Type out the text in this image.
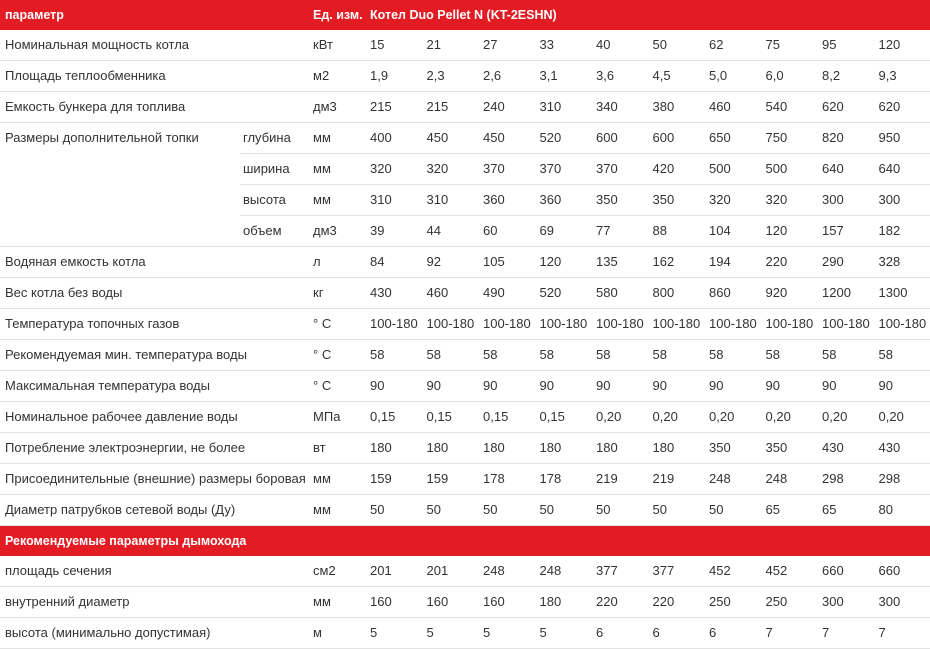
параметр		Ед. изм.	Котел Duo Pellet N (KT-2ESHN)									
Номинальная мощность котла		кВт	15	21	27	33	40	50	62	75	95	120
Площадь теплообменника		м2	1,9	2,3	2,6	3,1	3,6	4,5	5,0	6,0	8,2	9,3
Емкость бункера для топлива		дм3	215	215	240	310	340	380	460	540	620	620
Размеры дополнительной топки	глубина	мм	400	450	450	520	600	600	650	750	820	950
	ширина	мм	320	320	370	370	370	420	500	500	640	640
	высота	мм	310	310	360	360	350	350	320	320	300	300
	объем	дм3	39	44	60	69	77	88	104	120	157	182
Водяная емкость котла		л	84	92	105	120	135	162	194	220	290	328
Вес котла без воды		кг	430	460	490	520	580	800	860	920	1200	1300
Температура топочных газов		° С	100-180	100-180	100-180	100-180	100-180	100-180	100-180	100-180	100-180	100-180
Рекомендуемая мин. температура воды		° С	58	58	58	58	58	58	58	58	58	58
Максимальная температура воды		° С	90	90	90	90	90	90	90	90	90	90
Номинальное рабочее давление воды		МПа	0,15	0,15	0,15	0,15	0,20	0,20	0,20	0,20	0,20	0,20
Потребление электроэнергии, не более		вт	180	180	180	180	180	180	350	350	430	430
Присоединительные (внешние) размеры боровая		мм	159	159	178	178	219	219	248	248	298	298
Диаметр патрубков сетевой воды (Ду)		мм	50	50	50	50	50	50	50	65	65	80
Рекомендуемые параметры дымохода												
площадь сечения		см2	201	201	248	248	377	377	452	452	660	660
внутренний диаметр		мм	160	160	160	180	220	220	250	250	300	300
высота (минимально допустимая)		м	5	5	5	5	6	6	6	7	7	7
